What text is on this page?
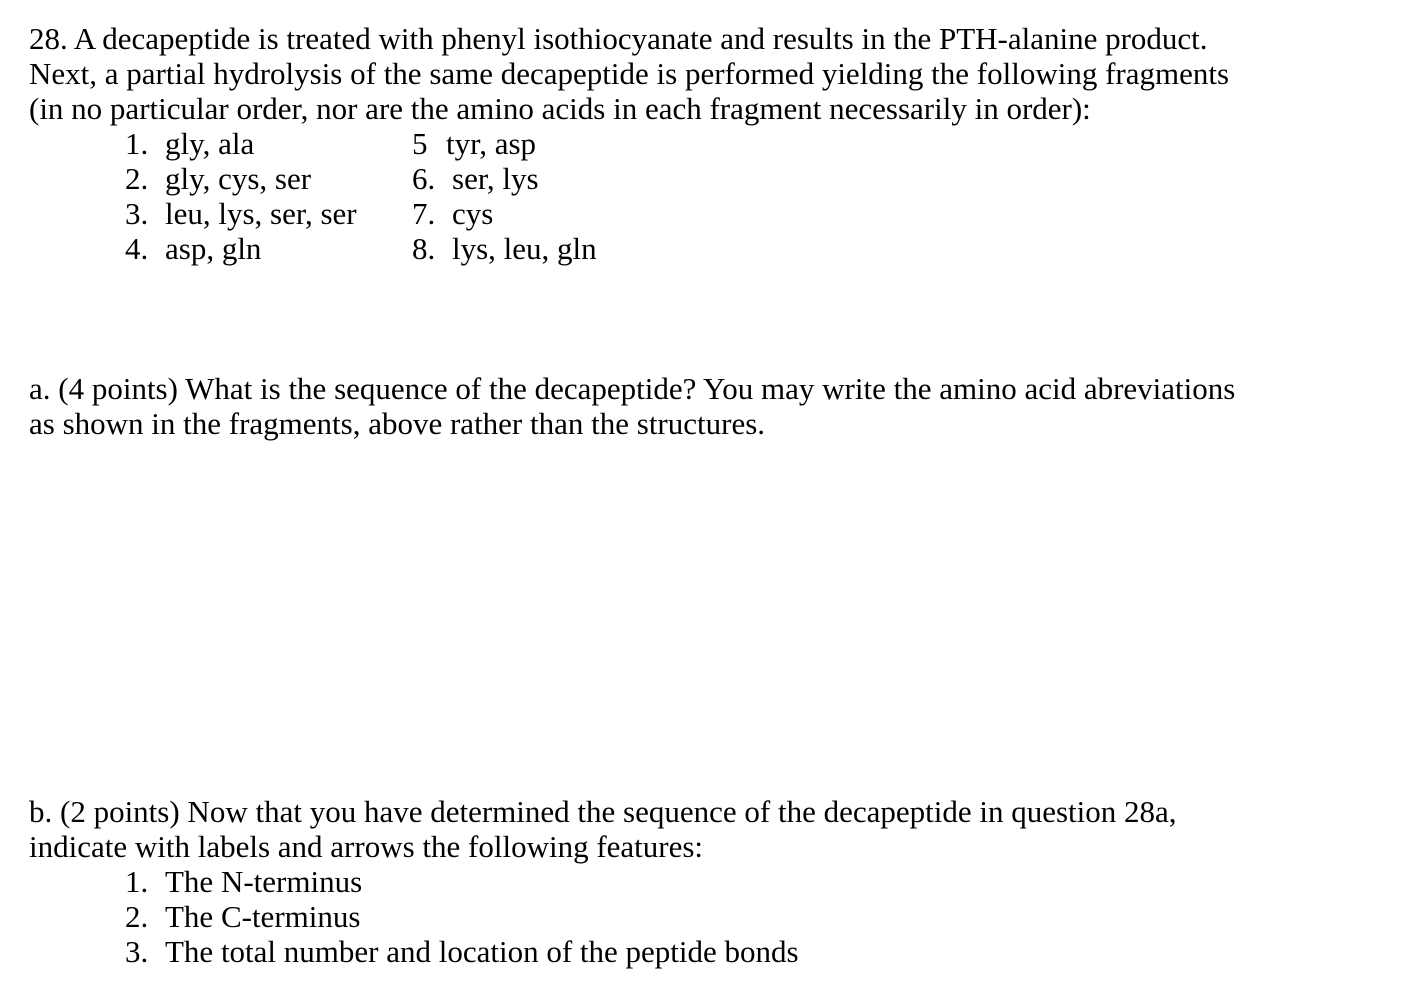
28. A decapeptide is treated with phenyl isothiocyanate and results in the PTH-alanine product.
Next, a partial hydrolysis of the same decapeptide is performed yielding the following fragments
(in no particular order, nor are the amino acids in each fragment necessarily in order):
1. gly, ala
2. gly, cys, ser
3. leu, lys, ser, ser
4. asp, gln
5 tyr, asp
6. ser, lys
7. cys
8. lys, leu, gln
a. (4 points) What is the sequence of the decapeptide? You may write the amino acid abreviations
as shown in the fragments, above rather than the structures.
b. (2 points) Now that you have determined the sequence of the decapeptide in question 28a,
indicate with labels and arrows the following features:
1. The N-terminus
2. The C-terminus
3. The total number and location of the peptide bonds
